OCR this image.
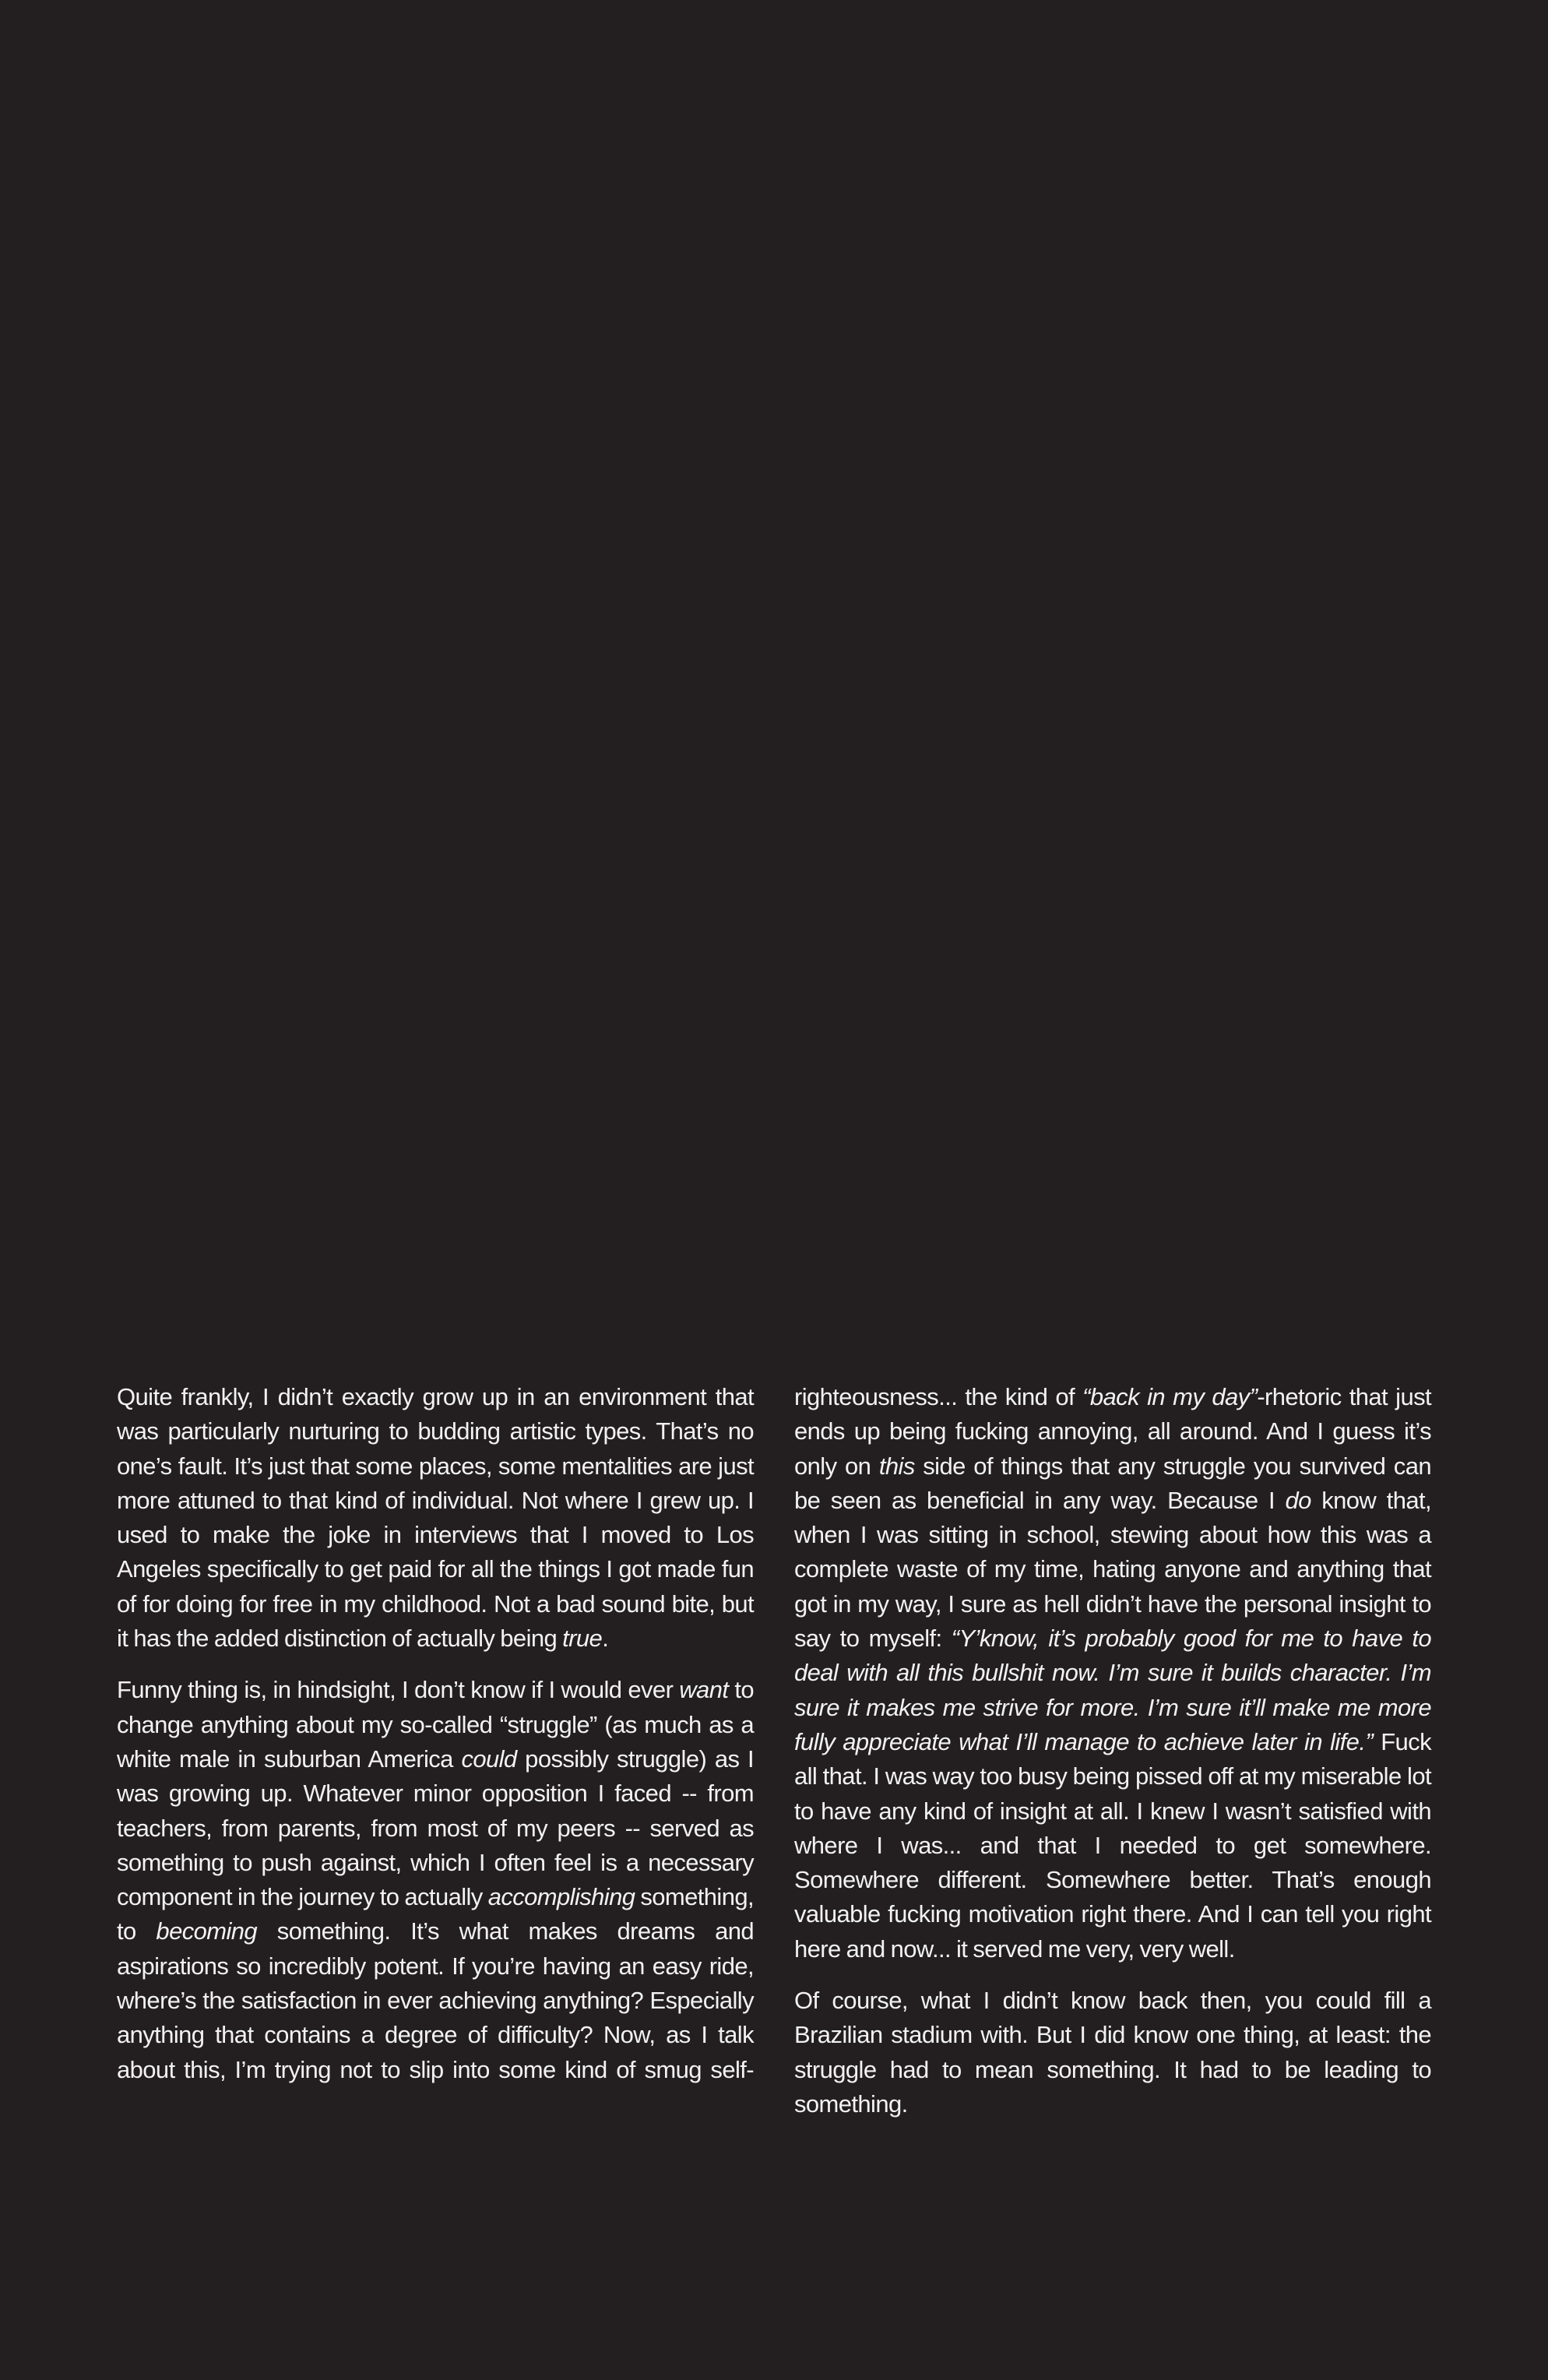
Quite frankly, I didn’t exactly grow up in an environment that was particularly nurturing to budding artistic types. That’s no one’s fault. It’s just that some places, some mentalities are just more attuned to that kind of individual. Not where I grew up. I used to make the joke in interviews that I moved to Los Angeles specifically to get paid for all the things I got made fun of for doing for free in my childhood. Not a bad sound bite, but it has the added distinction of actually being true.

Funny thing is, in hindsight, I don’t know if I would ever want to change anything about my so-called “struggle” (as much as a white male in suburban America could possibly struggle) as I was growing up. Whatever minor opposition I faced -- from teachers, from parents, from most of my peers -- served as something to push against, which I often feel is a necessary component in the journey to actually accomplishing something, to becoming something. It’s what makes dreams and aspirations so incredibly potent. If you’re having an easy ride, where’s the satisfaction in ever achieving anything? Especially anything that contains a degree of difficulty? Now, as I talk about this, I’m trying not to slip into some kind of smug self-

righteousness... the kind of “back in my day”-rhetoric that just ends up being fucking annoying, all around. And I guess it’s only on this side of things that any struggle you survived can be seen as beneficial in any way. Because I do know that, when I was sitting in school, stewing about how this was a complete waste of my time, hating anyone and anything that got in my way, I sure as hell didn’t have the personal insight to say to myself: “Y’know, it’s probably good for me to have to deal with all this bullshit now. I’m sure it builds character. I’m sure it makes me strive for more. I’m sure it’ll make me more fully appreciate what I’ll manage to achieve later in life.” Fuck all that. I was way too busy being pissed off at my miserable lot to have any kind of insight at all. I knew I wasn’t satisfied with where I was... and that I needed to get somewhere. Somewhere different. Somewhere better. That’s enough valuable fucking motivation right there. And I can tell you right here and now... it served me very, very well.

Of course, what I didn’t know back then, you could fill a Brazilian stadium with. But I did know one thing, at least: the struggle had to mean something. It had to be leading to something.
